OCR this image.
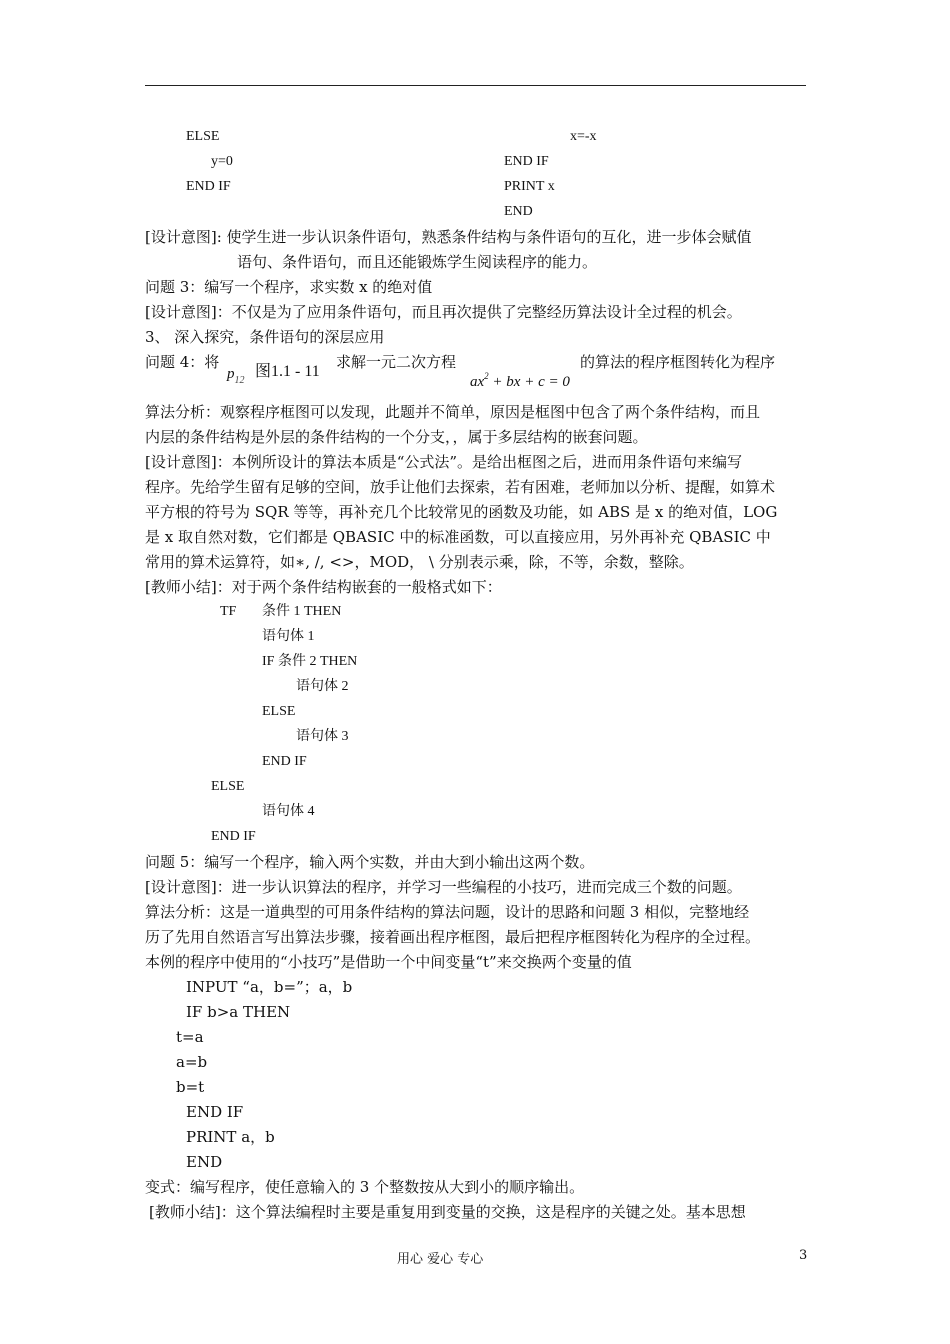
ELSE
y=0
END IF
x=-x
END IF
PRINT x
END
[设计意图]: 使学生进一步认识条件语句，熟悉条件结构与条件语句的互化，进一步体会赋值
语句、条件语句，而且还能锻炼学生阅读程序的能力。
问题 3：编写一个程序，求实数 x 的绝对值
[设计意图]：不仅是为了应用条件语句，而且再次提供了完整经历算法设计全过程的机会。
3、 深入探究，条件语句的深层应用
问题 4：将
$p_{12}$
图1.1 - 11
求解一元二次方程
$ax^2$ + bx + c = 0
的算法的程序框图转化为程序
算法分析：观察程序框图可以发现，此题并不简单，原因是框图中包含了两个条件结构，而且
内层的条件结构是外层的条件结构的一个分支，，属于多层结构的嵌套问题。
[设计意图]：本例所设计的算法本质是“公式法”。是给出框图之后，进而用条件语句来编写
程序。先给学生留有足够的空间，放手让他们去探索，若有困难，老师加以分析、提醒，如算术
平方根的符号为 SQR 等等，再补充几个比较常见的函数及功能，如 ABS 是 x 的绝对值，LOG
是 x 取自然对数，它们都是 QBASIC 中的标准函数，可以直接应用，另外再补充 QBASIC 中
常用的算术运算符，如∗, /, <>，MOD， \ 分别表示乘，除，不等，余数，整除。
[教师小结]：对于两个条件结构嵌套的一般格式如下：
TF 条件 1 THEN
语句体 1
IF 条件 2 THEN
语句体 2
ELSE
语句体 3
END IF
ELSE
语句体 4
END IF
问题 5：编写一个程序，输入两个实数，并由大到小输出这两个数。
[设计意图]：进一步认识算法的程序，并学习一些编程的小技巧，进而完成三个数的问题。
算法分析：这是一道典型的可用条件结构的算法问题，设计的思路和问题 3 相似，完整地经
历了先用自然语言写出算法步骤，接着画出程序框图，最后把程序框图转化为程序的全过程。
本例的程序中使用的“小技巧”是借助一个中间变量“t”来交换两个变量的值
INPUT “a，b=”；a，b
IF b>a THEN
t=a
a=b
b=t
END IF
PRINT a，b
END
变式：编写程序，使任意输入的 3 个整数按从大到小的顺序输出。
[教师小结]：这个算法编程时主要是重复用到变量的交换，这是程序的关键之处。基本思想
用心 爱心 专心	3
